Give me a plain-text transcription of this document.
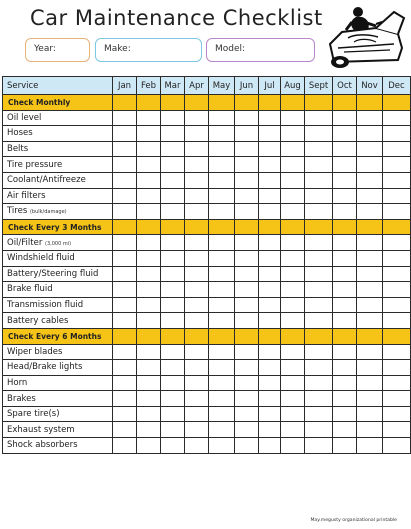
Car Maintenance Checklist
Year:	Make:	Model:
Service	Jan	Feb	Mar	Apr	May	Jun	Jul	Aug	Sept	Oct	Nov	Dec
Check Monthly												
Oil level												
Hoses												
Belts												
Tire pressure												
Coolant/Antifreeze												
Air filters												
Tires (bulk/damage)												
Check Every 3 Months												
Oil/Filter (3,000 mi)												
Windshield fluid												
Battery/Steering fluid												
Brake fluid												
Transmission fluid												
Battery cables												
Check Every 6 Months												
Wiper blades												
Head/Brake lights												
Horn												
Brakes												
Spare tire(s)												
Exhaust system												
Shock absorbers												
May.megusty organizational printable
